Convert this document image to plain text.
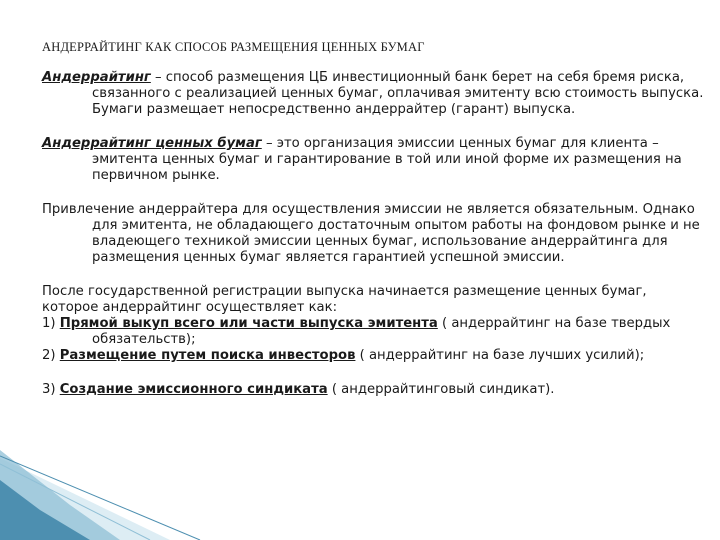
АНДЕРРАЙТИНГ КАК СПОСОБ РАЗМЕЩЕНИЯ ЦЕННЫХ БУМАГ

Андеррайтинг – способ размещения ЦБ инвестиционный банк берет на себя бремя риска, связанного с реализацией ценных бумаг, оплачивая эмитенту всю стоимость выпуска. Бумаги размещает непосредственно андеррайтер (гарант) выпуска.

Андеррайтинг ценных бумаг – это организация эмиссии ценных бумаг для клиента – эмитента ценных бумаг и гарантирование в той или иной форме их размещения на первичном рынке.

Привлечение андеррайтера для осуществления эмиссии не является обязательным. Однако для эмитента, не обладающего достаточным опытом работы на фондовом рынке и не владеющего техникой эмиссии ценных бумаг, использование андеррайтинга для размещения ценных бумаг является гарантией успешной эмиссии.

После государственной регистрации выпуска начинается размещение ценных бумаг,

которое андеррайтинг осуществляет как:

1) Прямой выкуп всего или части выпуска эмитента ( андеррайтинг на базе твердых обязательств);

2) Размещение путем поиска инвесторов ( андеррайтинг на базе лучших усилий);

3) Создание эмиссионного синдиката ( андеррайтинговый синдикат).
